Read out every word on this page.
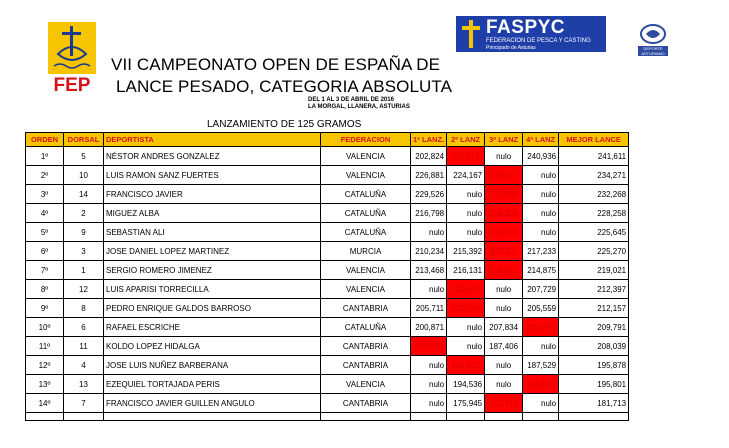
FEP
FASPYC
FEDERACION DE PESCA Y CASTING
Principado de Asturias	DEPORTE ASTURIANO
VII CAMPEONATO OPEN DE ESPAÑA DE
LANCE PESADO, CATEGORIA ABSOLUTA
DEL 1 AL 3 DE ABRIL DE 2016
LA MORGAL, LLANERA, ASTURIAS
LANZAMIENTO DE 125 GRAMOS
ORDEN	DORSAL	DEPORTISTA	FEDERACION	1ª LANZ.	2ª LANZ	3ª LANZ	4ª LANZ	MEJOR LANCE
1º	5	NÉSTOR ANDRES GONZALEZ	VALENCIA	202,824	241,611	nulo	240,936	241,611
2º	10	LUIS RAMON SANZ FUERTES	VALENCIA	226,881	224,167	234,271	nulo	234,271
3º	14	FRANCISCO JAVIER	CATALUÑA	229,526	nulo	232,268	nulo	232,268
4º	2	MIGUEZ ALBA	CATALUÑA	216,798	nulo	228,258	nulo	228,258
5º	9	SEBASTIAN ALI	CATALUÑA	nulo	nulo	225,645	nulo	225,645
6º	3	JOSE DANIEL LOPEZ MARTINEZ	MURCIA	210,234	215,392	225,27	217,233	225,270
7º	1	SERGIO ROMERO JIMENEZ	VALENCIA	213,468	216,131	219,021	214,875	219,021
8º	12	LUIS APARISI TORRECILLA	VALENCIA	nulo	212,397	nulo	207,729	212,397
9º	8	PEDRO ENRIQUE GALDOS BARROSO	CANTABRIA	205,711	212,157	nulo	205,559	212,157
10º	6	RAFAEL ESCRICHE	CATALUÑA	200,871	nulo	207,834	209,791	209,791
11º	11	KOLDO LOPEZ HIDALGA	CANTABRIA	208,039	nulo	187,406	nulo	208,039
12º	4	JOSE LUIS NUÑEZ BARBERANA	CANTABRIA	nulo	195,878	nulo	187,529	195,878
13º	13	EZEQUIEL TORTAJADA PERIS	VALENCIA	nulo	194,536	nulo	195,801	195,801
14º	7	FRANCISCO JAVIER GUILLEN ANGULO	CANTABRIA	nulo	175,945	181,713	nulo	181,713
